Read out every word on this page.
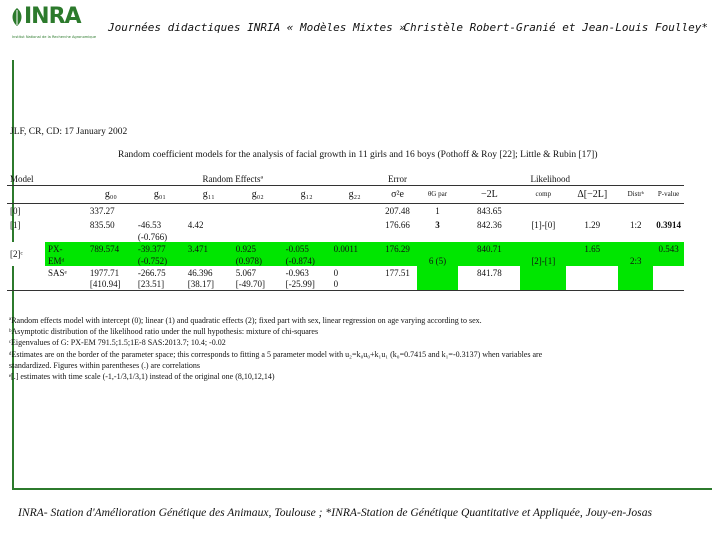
INRA
Institut National de la Recherche Agronomique
Journées didactiques INRIA « Modèles Mixtes »
Christèle Robert-Granié et Jean-Louis Foulley*
JLF, CR, CD: 17 January 2002
Random coefficient models for the analysis of facial growth in 11 girls and 16 boys (Pothoff & Roy [22]; Little & Rubin [17])
Model			Random Effectsª					Error	Likelihood					
		g₀₀	g₀₁	g₁₁	g₀₂	g₁₂	g₂₂	σ²e	θG par	−2L	comp	Δ[−2L]	Distrᵇ	P-value
[0]		337.27						207.48	1	843.65				
[1]		835.50	-46.53	4.42				176.66	3	842.36	[1]-[0]	1.29	1:2	0.3914
			(-0.766)											
[2]ᶜ	PX-	789.574	-39.377	3.471	0.925	-0.055	0.0011	176.29		840.71		1.65		0.543
	EMᵈ		(-0.752)		(0.978)	(-0.874)			6 (5)		[2]-[1]		2:3	
	SASᵉ	1977.71	-266.75	46.396	5.067	-0.963	0	177.51		841.78				
		[410.94]	[23.51]	[38.17]	[-49.70]	[-25.99]	0							
ªRandom effects model with intercept (0); linear (1) and quadratic effects (2); fixed part with sex, linear regression on age varying according to sex.
ᵇAsymptotic distribution of the likelihood ratio under the null hypothesis: mixture of chi-squares
ᶜEigenvalues of G: PX-EM 791.5;1.5;1E-8 SAS:2013.7; 10.4; -0.02
ᵈEstimates are on the border of the parameter space; this corresponds to fitting a 5 parameter model with u₂=k₀u₀+k₁u₁ (k₀=0.7415 and k₁=-0.3137) when variables are
standardized. Figures within parentheses (.) are correlations
ᵉ[.] estimates with time scale (-1,-1/3,1/3,1) instead of the original one (8,10,12,14)
INRA- Station d'Amélioration Génétique des Animaux, Toulouse ; *INRA-Station de Génétique Quantitative et Appliquée, Jouy-en-Josas
